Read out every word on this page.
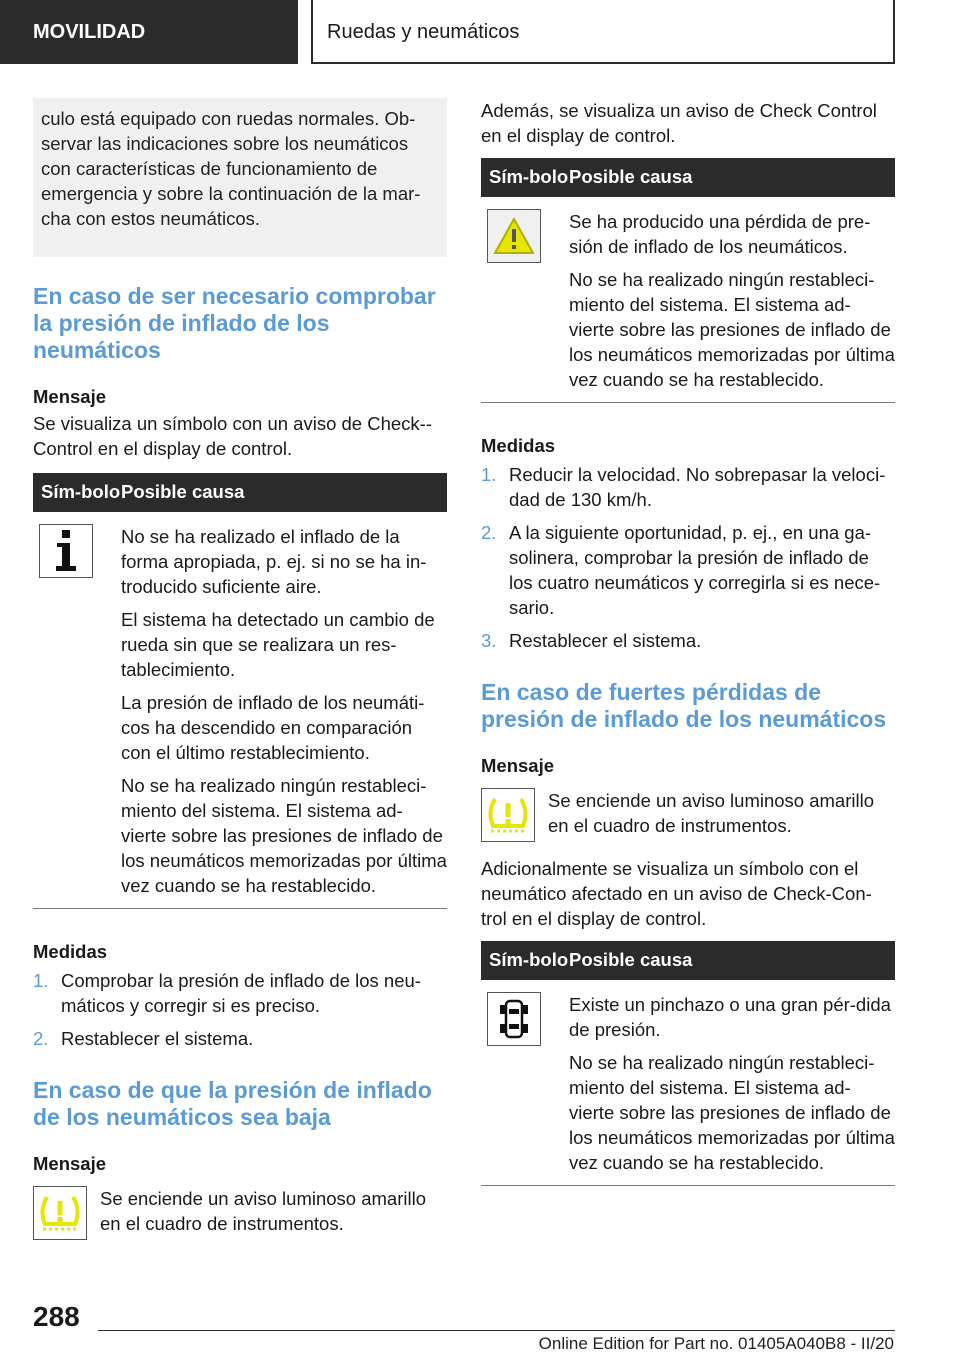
MOVILIDAD	Ruedas y neumáticos
culo está equipado con ruedas normales. Ob-servar las indicaciones sobre los neumáticos con características de funcionamiento de emergencia y sobre la continuación de la mar-cha con estos neumáticos.
En caso de ser necesario comprobar la presión de inflado de los neumáticos
Mensaje

Se visualiza un símbolo con un aviso de Check--Control en el display de control.

Sím-bolo Posible causa

No se ha realizado el inflado de la forma apropiada, p. ej. si no se ha in-troducido suficiente aire.

El sistema ha detectado un cambio de rueda sin que se realizara un res-tablecimiento.

La presión de inflado de los neumáti-cos ha descendido en comparación con el último restablecimiento.

No se ha realizado ningún restableci-miento del sistema. El sistema ad-vierte sobre las presiones de inflado de los neumáticos memorizadas por última vez cuando se ha restablecido.

Medidas
1. Comprobar la presión de inflado de los neu-máticos y corregir si es preciso.
2. Restablecer el sistema.
En caso de que la presión de inflado de los neumáticos sea baja
Mensaje

Se enciende un aviso luminoso amarillo en el cuadro de instrumentos.

Además, se visualiza un aviso de Check Control en el display de control.

Sím-bolo Posible causa

Se ha producido una pérdida de pre-sión de inflado de los neumáticos.

No se ha realizado ningún restableci-miento del sistema. El sistema ad-vierte sobre las presiones de inflado de los neumáticos memorizadas por última vez cuando se ha restablecido.

Medidas
1. Reducir la velocidad. No sobrepasar la veloci-dad de 130 km/h.
2. A la siguiente oportunidad, p. ej., en una ga-solinera, comprobar la presión de inflado de los cuatro neumáticos y corregirla si es nece-sario.
3. Restablecer el sistema.
En caso de fuertes pérdidas de presión de inflado de los neumáticos
Mensaje

Se enciende un aviso luminoso amarillo en el cuadro de instrumentos.

Adicionalmente se visualiza un símbolo con el neumático afectado en un aviso de Check-Con-trol en el display de control.

Sím-bolo Posible causa

Existe un pinchazo o una gran pér-dida de presión.

No se ha realizado ningún restableci-miento del sistema. El sistema ad-vierte sobre las presiones de inflado de los neumáticos memorizadas por última vez cuando se ha restablecido.

288
Online Edition for Part no. 01405A040B8 - II/20
